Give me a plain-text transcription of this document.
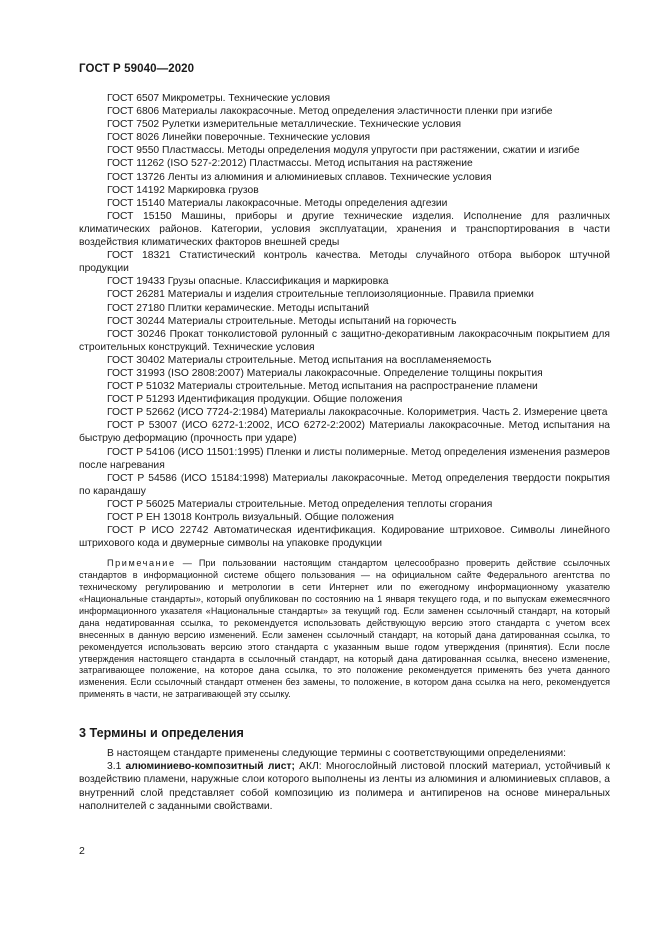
ГОСТ Р 59040—2020

ГОСТ 6507 Микрометры. Технические условия

ГОСТ 6806 Материалы лакокрасочные. Метод определения эластичности пленки при изгибе

ГОСТ 7502 Рулетки измерительные металлические. Технические условия

ГОСТ 8026 Линейки поверочные. Технические условия

ГОСТ 9550 Пластмассы. Методы определения модуля упругости при растяжении, сжатии и изгибе

ГОСТ 11262 (ISO 527-2:2012) Пластмассы. Метод испытания на растяжение

ГОСТ 13726 Ленты из алюминия и алюминиевых сплавов. Технические условия

ГОСТ 14192 Маркировка грузов

ГОСТ 15140 Материалы лакокрасочные. Методы определения адгезии

ГОСТ 15150 Машины, приборы и другие технические изделия. Исполнение для различных климатических районов. Категории, условия эксплуатации, хранения и транспортирования в части воздействия климатических факторов внешней среды

ГОСТ 18321 Статистический контроль качества. Методы случайного отбора выборок штучной продукции

ГОСТ 19433 Грузы опасные. Классификация и маркировка

ГОСТ 26281 Материалы и изделия строительные теплоизоляционные. Правила приемки

ГОСТ 27180 Плитки керамические. Методы испытаний

ГОСТ 30244 Материалы строительные. Методы испытаний на горючесть

ГОСТ 30246 Прокат тонколистовой рулонный с защитно-декоративным лакокрасочным покрытием для строительных конструкций. Технические условия

ГОСТ 30402 Материалы строительные. Метод испытания на воспламеняемость

ГОСТ 31993 (ISO 2808:2007) Материалы лакокрасочные. Определение толщины покрытия

ГОСТ Р 51032 Материалы строительные. Метод испытания на распространение пламени

ГОСТ Р 51293 Идентификация продукции. Общие положения

ГОСТ Р 52662 (ИСО 7724-2:1984) Материалы лакокрасочные. Колориметрия. Часть 2. Измерение цвета

ГОСТ Р 53007 (ИСО 6272-1:2002, ИСО 6272-2:2002) Материалы лакокрасочные. Метод испытания на быструю деформацию (прочность при ударе)

ГОСТ Р 54106 (ИСО 11501:1995) Пленки и листы полимерные. Метод определения изменения размеров после нагревания

ГОСТ Р 54586 (ИСО 15184:1998) Материалы лакокрасочные. Метод определения твердости покрытия по карандашу

ГОСТ Р 56025 Материалы строительные. Метод определения теплоты сгорания

ГОСТ Р ЕН 13018 Контроль визуальный. Общие положения

ГОСТ Р ИСО 22742 Автоматическая идентификация. Кодирование штриховое. Символы линейного штрихового кода и двумерные символы на упаковке продукции

Примечание — При пользовании настоящим стандартом целесообразно проверить действие ссылочных стандартов в информационной системе общего пользования — на официальном сайте Федерального агентства по техническому регулированию и метрологии в сети Интернет или по ежегодному информационному указателю «Национальные стандарты», который опубликован по состоянию на 1 января текущего года, и по выпускам ежемесячного информационного указателя «Национальные стандарты» за текущий год. Если заменен ссылочный стандарт, на который дана недатированная ссылка, то рекомендуется использовать действующую версию этого стандарта с учетом всех внесенных в данную версию изменений. Если заменен ссылочный стандарт, на который дана датированная ссылка, то рекомендуется использовать версию этого стандарта с указанным выше годом утверждения (принятия). Если после утверждения настоящего стандарта в ссылочный стандарт, на который дана датированная ссылка, внесено изменение, затрагивающее положение, на которое дана ссылка, то это положение рекомендуется применять без учета данного изменения. Если ссылочный стандарт отменен без замены, то положение, в котором дана ссылка на него, рекомендуется применять в части, не затрагивающей эту ссылку.
3 Термины и определения

В настоящем стандарте применены следующие термины с соответствующими определениями:

3.1 алюминиево-композитный лист; АКЛ: Многослойный листовой плоский материал, устойчивый к воздействию пламени, наружные слои которого выполнены из ленты из алюминия и алюминиевых сплавов, а внутренний слой представляет собой композицию из полимера и антипиренов на основе минеральных наполнителей с заданными свойствами.

2
